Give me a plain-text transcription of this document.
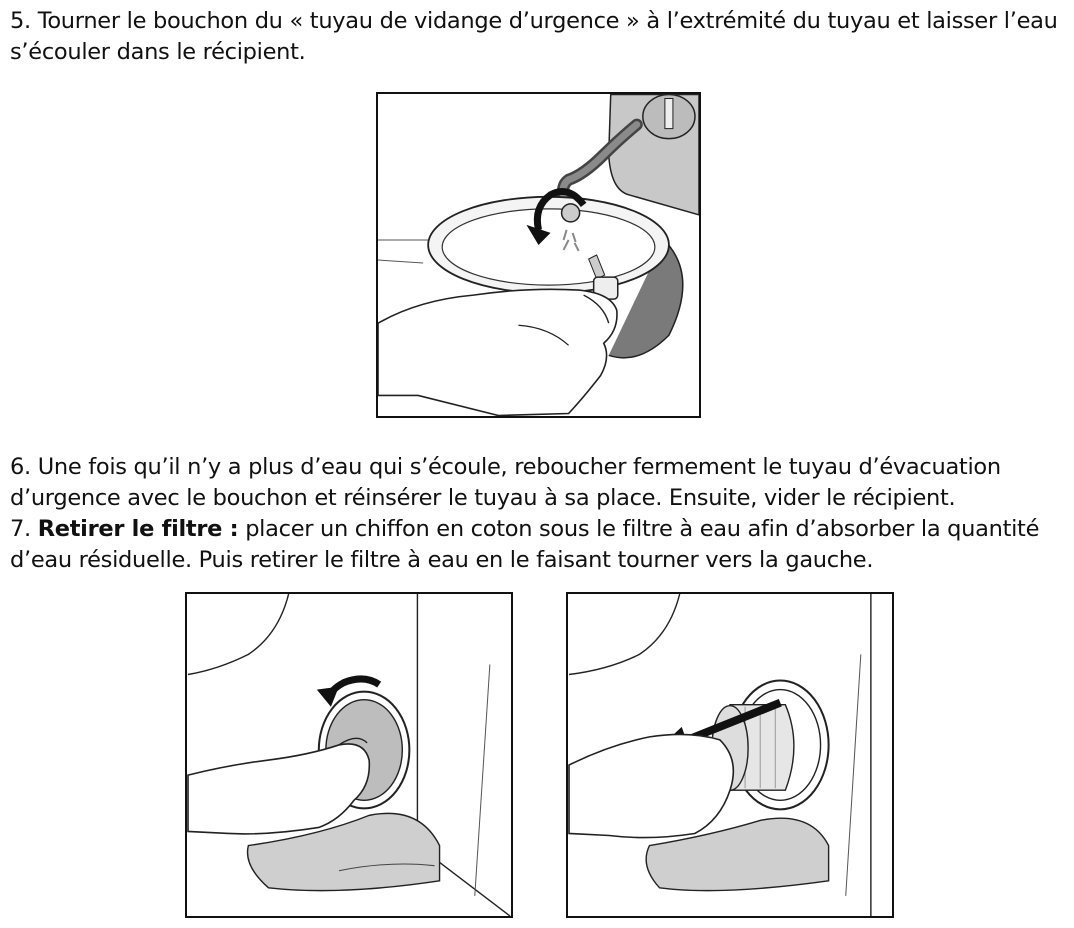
5. Tourner le bouchon du « tuyau de vidange d’urgence » à l’extrémité du tuyau et laisser l’eau s’écouler dans le récipient.

6. Une fois qu’il n’y a plus d’eau qui s’écoule, reboucher fermement le tuyau d’évacuation d’urgence avec le bouchon et réinsérer le tuyau à sa place. Ensuite, vider le récipient.

7. Retirer le filtre : placer un chiffon en coton sous le filtre à eau afin d’absorber la quantité d’eau résiduelle. Puis retirer le filtre à eau en le faisant tourner vers la gauche.
